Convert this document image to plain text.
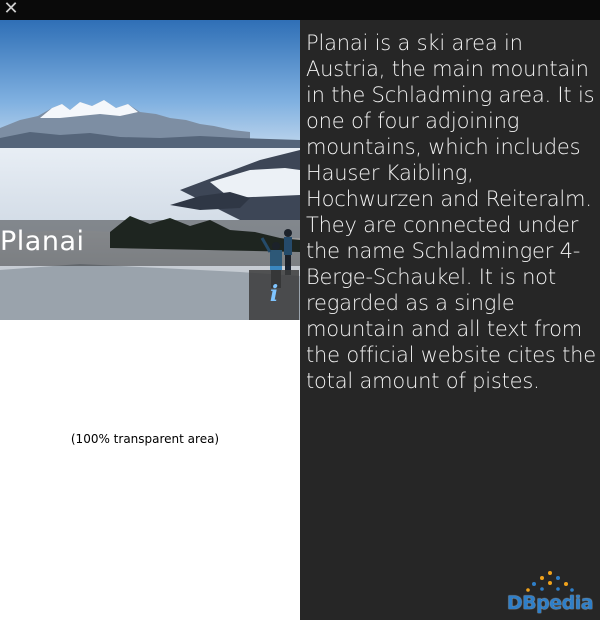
✕
Planai
i
(100% transparent area)
Planai is a ski area in Austria, the main mountain in the Schladming area. It is one of four adjoining mountains, which includes Hauser Kaibling, Hochwurzen and Reiteralm. They are connected under the name Schladminger 4-Berge-Schaukel. It is not regarded as a single mountain and all text from the official website cites the total amount of pistes.
DBpedia
